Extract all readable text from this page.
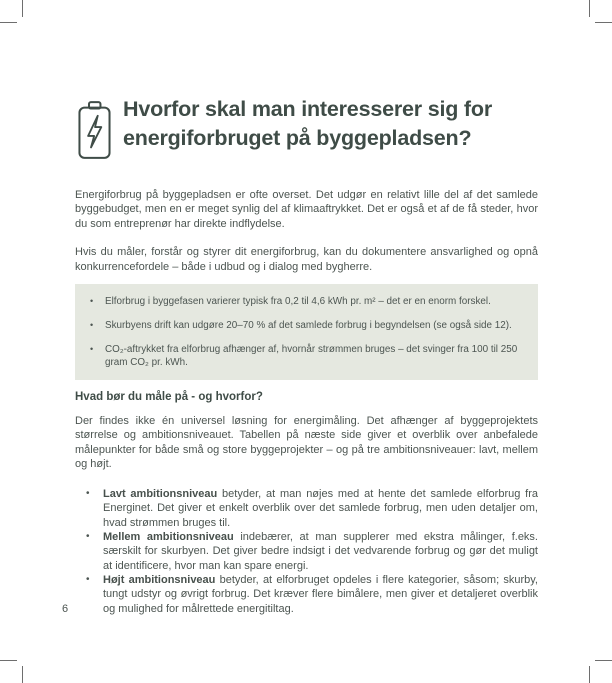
Hvorfor skal man interesserer sig for
energiforbruget på byggepladsen?

Energiforbrug på byggepladsen er ofte overset. Det udgør en relativt lille del af det samlede byggebudget, men en er meget synlig del af klimaaftrykket. Det er også et af de få steder, hvor du som entreprenør har direkte indflydelse.

Hvis du måler, forstår og styrer dit energiforbrug, kan du dokumentere ansvarlighed og opnå konkurrencefordele – både i udbud og i dialog med bygherre.

• Elforbrug i byggefasen varierer typisk fra 0,2 til 4,6 kWh pr. m² – det er en enorm forskel.
• Skurbyens drift kan udgøre 20–70 % af det samlede forbrug i begyndelsen (se også side 12).
• CO₂-aftrykket fra elforbrug afhænger af, hvornår strømmen bruges – det svinger fra 100 til 250 gram CO₂ pr. kWh.
Hvad bør du måle på - og hvorfor?

Der findes ikke én universel løsning for energimåling. Det afhænger af byggeprojektets størrelse og ambitionsniveauet. Tabellen på næste side giver et overblik over anbefalede målepunkter for både små og store byggeprojekter – og på tre ambitionsniveauer: lavt, mellem og højt.

• Lavt ambitionsniveau betyder, at man nøjes med at hente det samlede elforbrug fra Energinet. Det giver et enkelt overblik over det samlede forbrug, men uden detaljer om, hvad strømmen bruges til.
• Mellem ambitionsniveau indebærer, at man supplerer med ekstra målinger, f.eks. særskilt for skurbyen. Det giver bedre indsigt i det vedvarende forbrug og gør det muligt at identificere, hvor man kan spare energi.
• Højt ambitionsniveau betyder, at elforbruget opdeles i flere kategorier, såsom; skurby, tungt udstyr og øvrigt forbrug. Det kræver flere bimålere, men giver et detaljeret overblik og mulighed for målrettede energitiltag.
6
